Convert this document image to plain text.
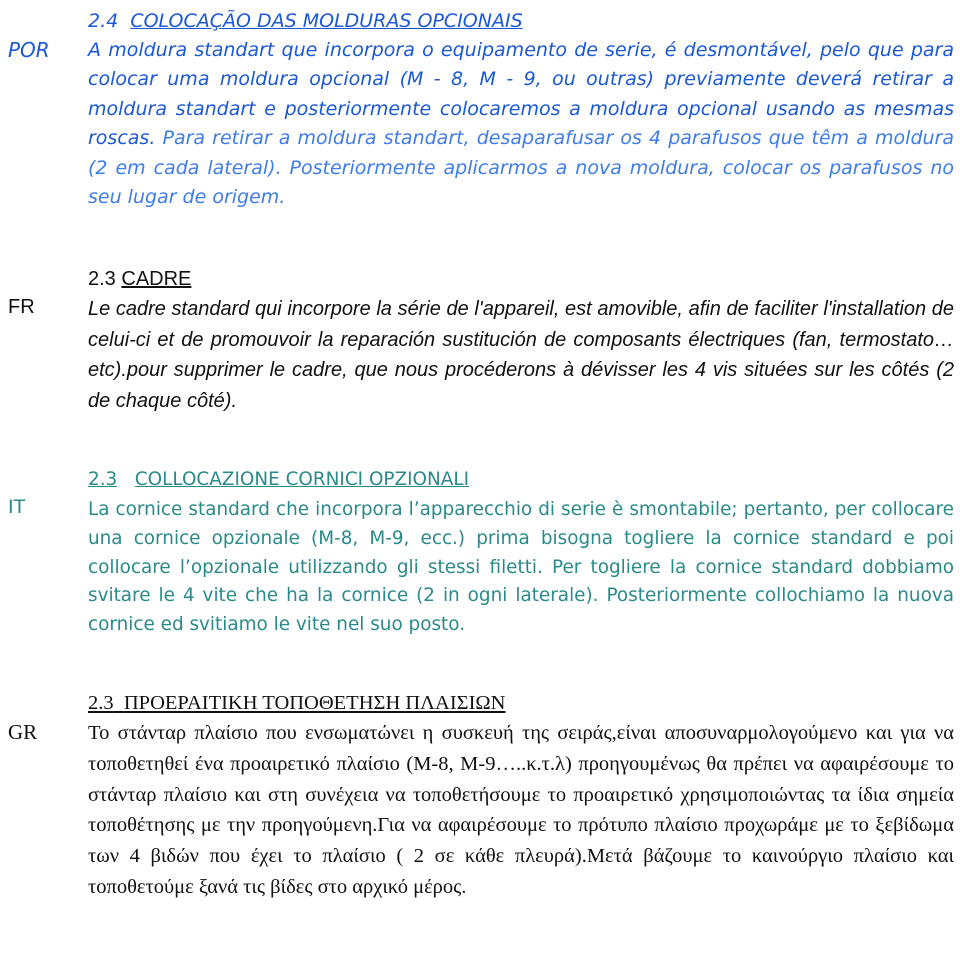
POR
2.4 COLOCAÇÃO DAS MOLDURAS OPCIONAIS

A moldura standart que incorpora o equipamento de serie, é desmontável, pelo que para colocar uma moldura opcional (M - 8, M - 9, ou outras) previamente deverá retirar a moldura standart e posteriormente colocaremos a moldura opcional usando as mesmas roscas. Para retirar a moldura standart, desaparafusar os 4 parafusos que têm a moldura (2 em cada lateral). Posteriormente aplicarmos a nova moldura, colocar os parafusos no seu lugar de origem.

FR
2.3 CADRE

Le cadre standard qui incorpore la série de l'appareil, est amovible, afin de faciliter l'installation de celui-ci et de promouvoir la reparación sustitución de composants électriques (fan, termostato…etc).pour supprimer le cadre, que nous procéderons à dévisser les 4 vis situées sur les côtés (2 de chaque côté).

IT
2.3 COLLOCAZIONE CORNICI OPZIONALI

La cornice standard che incorpora l’apparecchio di serie è smontabile; pertanto, per collocare una cornice opzionale (M-8, M-9, ecc.) prima bisogna togliere la cornice standard e poi collocare l’opzionale utilizzando gli stessi filetti. Per togliere la cornice standard dobbiamo svitare le 4 vite che ha la cornice (2 in ogni laterale). Posteriormente collochiamo la nuova cornice ed svitiamo le vite nel suo posto.

GR
2.3 ΠΡΟΕΡΑΙΤΙΚΗ ΤΟΠΟΘΕΤΗΣΗ ΠΛΑΙΣΙΩΝ

Το στάνταρ πλαίσιο που ενσωματώνει η συσκευή της σειράς,είναι αποσυναρμολογούμενο και για να τοποθετηθεί ένα προαιρετικό πλαίσιο (M-8, M-9…..κ.τ.λ) προηγουμένως θα πρέπει να αφαιρέσουμε το στάνταρ πλαίσιο και στη συνέχεια να τοποθετήσουμε το προαιρετικό χρησιμοποιώντας τα ίδια σημεία τοποθέτησης με την προηγούμενη.Για να αφαιρέσουμε το πρότυπο πλαίσιο προχωράμε με το ξεβίδωμα των 4 βιδών που έχει το πλαίσιο ( 2 σε κάθε πλευρά).Μετά βάζουμε το καινούργιο πλαίσιο και τοποθετούμε ξανά τις βίδες στο αρχικό μέρος.
